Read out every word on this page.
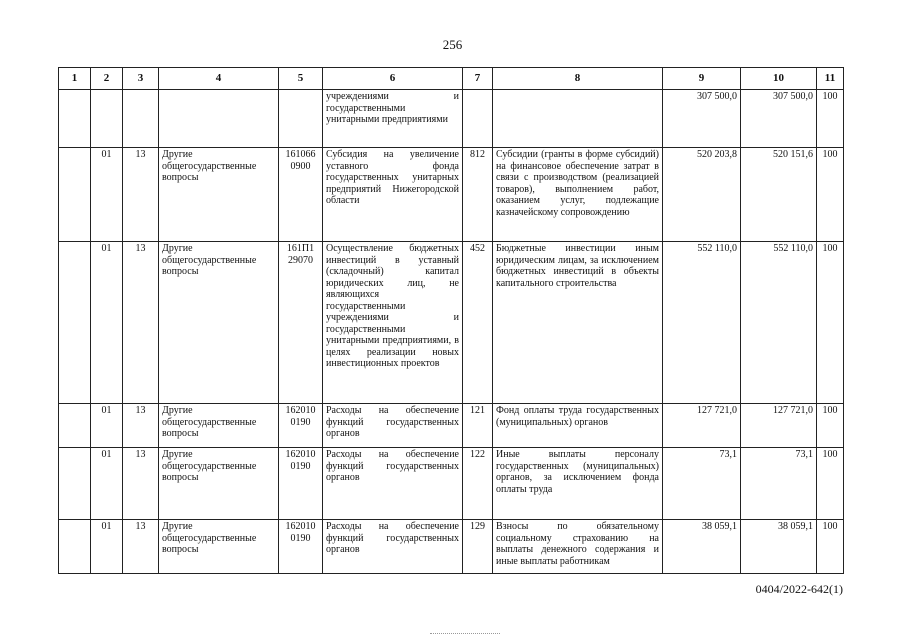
256
1	2	3	4	5	6	7	8	9	10	11
					учреждениями и государственными унитарными предприятиями			307 500,0	307 500,0	100
	01	13	Другие общегосударственные вопросы	161066 0900	Субсидия на увеличение уставного фонда государственных унитарных предприятий Нижегородской области	812	Субсидии (гранты в форме субсидий) на финансовое обеспечение затрат в связи с производством (реализацией товаров), выполнением работ, оказанием услуг, подлежащие казначейскому сопровождению	520 203,8	520 151,6	100
	01	13	Другие общегосударственные вопросы	161П1 29070	Осуществление бюджетных инвестиций в уставный (складочный) капитал юридических лиц, не являющихся государственными учреждениями и государственными унитарными предприятиями, в целях реализации новых инвестиционных проектов	452	Бюджетные инвестиции иным юридическим лицам, за исключением бюджетных инвестиций в объекты капитального строительства	552 110,0	552 110,0	100
	01	13	Другие общегосударственные вопросы	162010 0190	Расходы на обеспечение функций государственных органов	121	Фонд оплаты труда государственных (муниципальных) органов	127 721,0	127 721,0	100
	01	13	Другие общегосударственные вопросы	162010 0190	Расходы на обеспечение функций государственных органов	122	Иные выплаты персоналу государственных (муниципальных) органов, за исключением фонда оплаты труда	73,1	73,1	100
	01	13	Другие общегосударственные вопросы	162010 0190	Расходы на обеспечение функций государственных органов	129	Взносы по обязательному социальному страхованию на выплаты денежного содержания и иные выплаты работникам	38 059,1	38 059,1	100
0404/2022-642(1)
